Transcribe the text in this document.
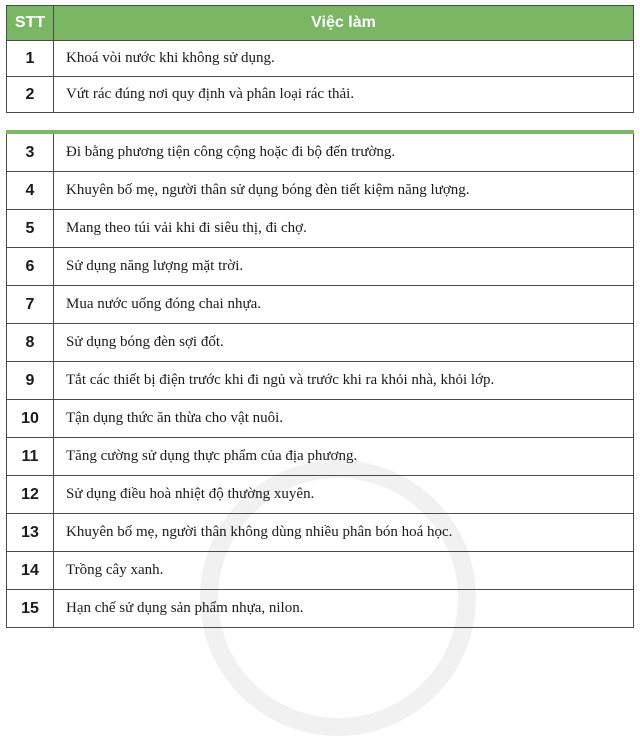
STT	Việc làm
1	Khoá vòi nước khi không sử dụng.
2	Vứt rác đúng nơi quy định và phân loại rác thải.
3	Đi bằng phương tiện công cộng hoặc đi bộ đến trường.
4	Khuyên bố mẹ, người thân sử dụng bóng đèn tiết kiệm năng lượng.
5	Mang theo túi vải khi đi siêu thị, đi chợ.
6	Sử dụng năng lượng mặt trời.
7	Mua nước uống đóng chai nhựa.
8	Sử dụng bóng đèn sợi đốt.
9	Tắt các thiết bị điện trước khi đi ngủ và trước khi ra khỏi nhà, khỏi lớp.
10	Tận dụng thức ăn thừa cho vật nuôi.
11	Tăng cường sử dụng thực phẩm của địa phương.
12	Sử dụng điều hoà nhiệt độ thường xuyên.
13	Khuyên bố mẹ, người thân không dùng nhiều phân bón hoá học.
14	Trồng cây xanh.
15	Hạn chế sử dụng sản phẩm nhựa, nilon.
